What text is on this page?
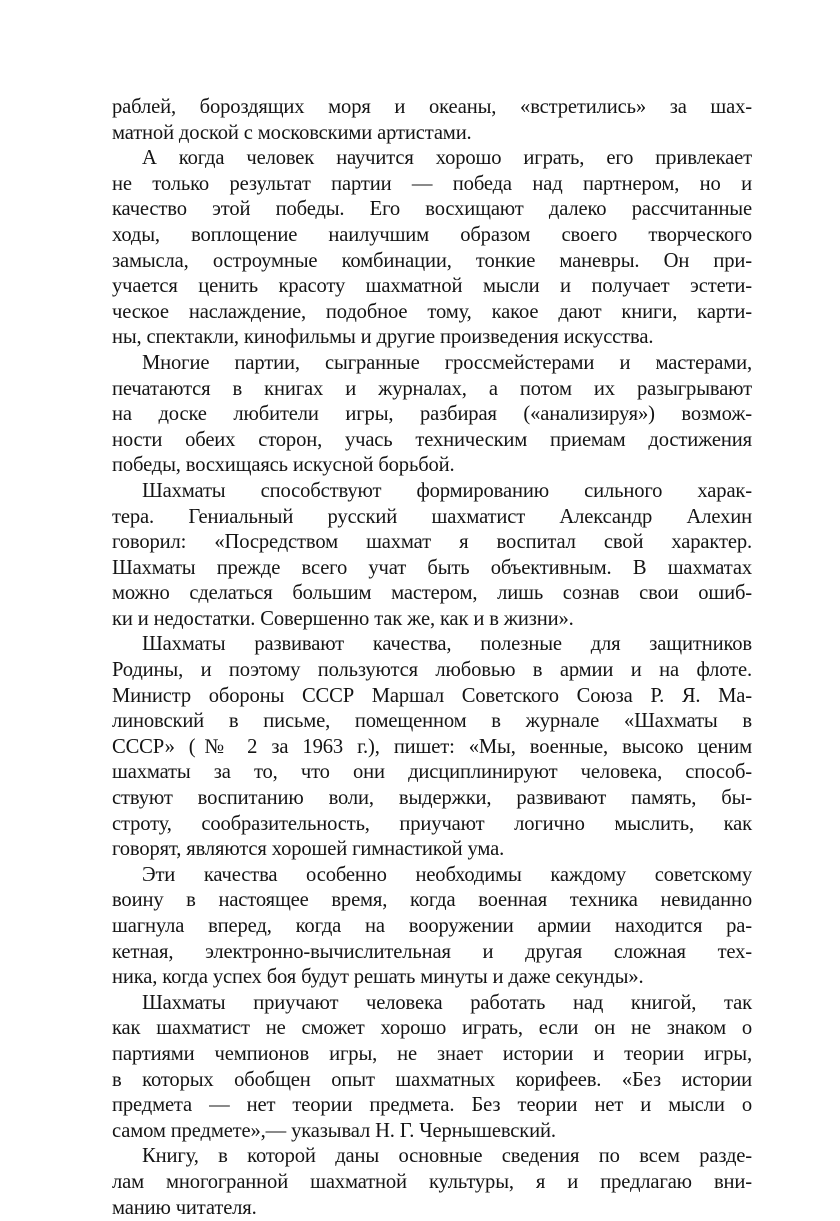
раблей, бороздящих моря и океаны, «встретились» за шах-
матной доской с московскими артистами.

А когда человек научится хорошо играть, его привлекает
не только результат партии — победа над партнером, но и
качество этой победы. Его восхищают далеко рассчитанные
ходы, воплощение наилучшим образом своего творческого
замысла, остроумные комбинации, тонкие маневры. Он при-
учается ценить красоту шахматной мысли и получает эстети-
ческое наслаждение, подобное тому, какое дают книги, карти-
ны, спектакли, кинофильмы и другие произведения искусства.

Многие партии, сыгранные гроссмейстерами и мастерами,
печатаются в книгах и журналах, а потом их разыгрывают
на доске любители игры, разбирая («анализируя») возмож-
ности обеих сторон, учась техническим приемам достижения
победы, восхищаясь искусной борьбой.

Шахматы способствуют формированию сильного харак-
тера. Гениальный русский шахматист Александр Алехин
говорил: «Посредством шахмат я воспитал свой характер.
Шахматы прежде всего учат быть объективным. В шахматах
можно сделаться большим мастером, лишь сознав свои ошиб-
ки и недостатки. Совершенно так же, как и в жизни».

Шахматы развивают качества, полезные для защитников
Родины, и поэтому пользуются любовью в армии и на флоте.
Министр обороны СССР Маршал Советского Союза Р. Я. Ма-
линовский в письме, помещенном в журнале «Шахматы в
СССР» (№ 2 за 1963 г.), пишет: «Мы, военные, высоко ценим
шахматы за то, что они дисциплинируют человека, способ-
ствуют воспитанию воли, выдержки, развивают память, бы-
строту, сообразительность, приучают логично мыслить, как
говорят, являются хорошей гимнастикой ума.

Эти качества особенно необходимы каждому советскому
воину в настоящее время, когда военная техника невиданно
шагнула вперед, когда на вооружении армии находится ра-
кетная, электронно-вычислительная и другая сложная тех-
ника, когда успех боя будут решать минуты и даже секунды».

Шахматы приучают человека работать над книгой, так
как шахматист не сможет хорошо играть, если он не знаком о
партиями чемпионов игры, не знает истории и теории игры,
в которых обобщен опыт шахматных корифеев. «Без истории
предмета — нет теории предмета. Без теории нет и мысли о
самом предмете»,— указывал Н. Г. Чернышевский.

Книгу, в которой даны основные сведения по всем разде-
лам многогранной шахматной культуры, я и предлагаю вни-
манию читателя.
